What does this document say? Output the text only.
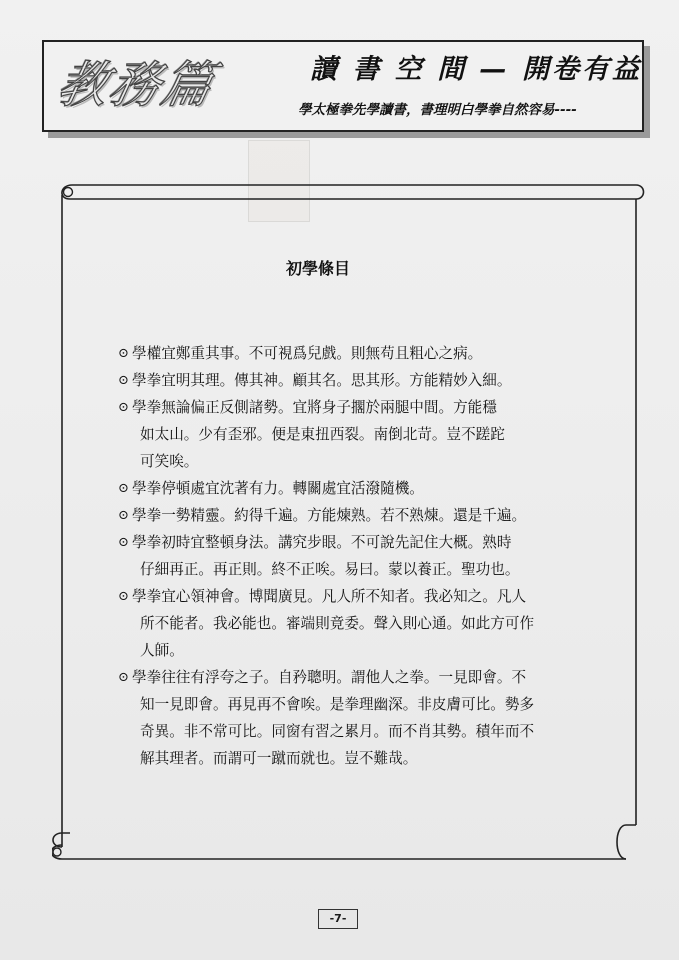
教務篇	讀 書 空 間 — 開卷有益
學太極拳先學讀書，書理明白學拳自然容易----
初學條目
⊙ 學權宜鄭重其事。不可視爲兒戲。則無苟且粗心之病。
⊙ 學拳宜明其理。傳其神。顧其名。思其形。方能精妙入細。
⊙ 學拳無論偏正反側諸勢。宜將身子擱於兩腿中間。方能穩
如太山。少有歪邪。便是東扭西裂。南倒北苛。豈不蹉跎
可笑唉。
⊙ 學拳停頓處宜沈著有力。轉關處宜活潑隨機。
⊙ 學拳一勢精靈。約得千遍。方能煉熟。若不熟煉。還是千遍。
⊙ 學拳初時宜整頓身法。講究步眼。不可說先記住大概。熟時
仔細再正。再正則。終不正唉。易曰。蒙以養正。聖功也。
⊙ 學拳宜心領神會。博聞廣見。凡人所不知者。我必知之。凡人
所不能者。我必能也。審端則竟委。聲入則心通。如此方可作
人師。
⊙ 學拳往往有浮夸之子。自矜聰明。謂他人之拳。一見即會。不
知一見即會。再見再不會唉。是拳理幽深。非皮膚可比。勢多
奇異。非不常可比。同窗有習之累月。而不肖其勢。積年而不
解其理者。而謂可一蹴而就也。豈不難哉。
-7-
